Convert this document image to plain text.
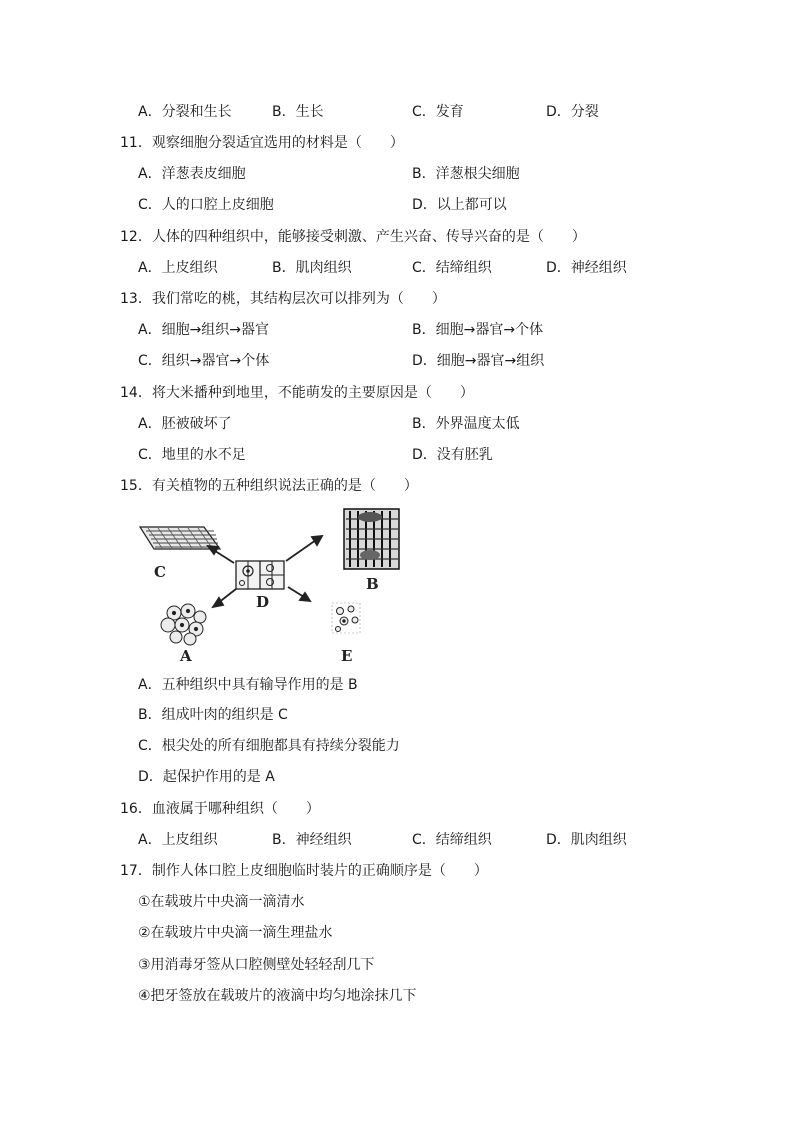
A．分裂和生长	B．生长	C．发育	D．分裂
11．观察细胞分裂适宜选用的材料是（　　）
A．洋葱表皮细胞	B．洋葱根尖细胞
C．人的口腔上皮细胞	D．以上都可以
12．人体的四种组织中，能够接受刺激、产生兴奋、传导兴奋的是（　　）
A．上皮组织	B．肌肉组织	C．结缔组织	D．神经组织
13．我们常吃的桃，其结构层次可以排列为（　　）
A．细胞→组织→器官	B．细胞→器官→个体
C．组织→器官→个体	D．细胞→器官→组织
14．将大米播种到地里，不能萌发的主要原因是（　　）
A．胚被破坏了	B．外界温度太低
C．地里的水不足	D．没有胚乳
15．有关植物的五种组织说法正确的是（　　）
C
D
B
A	E
A．五种组织中具有输导作用的是 B
B．组成叶肉的组织是 C
C．根尖处的所有细胞都具有持续分裂能力
D．起保护作用的是 A
16．血液属于哪种组织（　　）
A．上皮组织	B．神经组织	C．结缔组织	D．肌肉组织
17．制作人体口腔上皮细胞临时装片的正确顺序是（　　）
①在载玻片中央滴一滴清水
②在载玻片中央滴一滴生理盐水
③用消毒牙签从口腔侧壁处轻轻刮几下
④把牙签放在载玻片的液滴中均匀地涂抹几下
